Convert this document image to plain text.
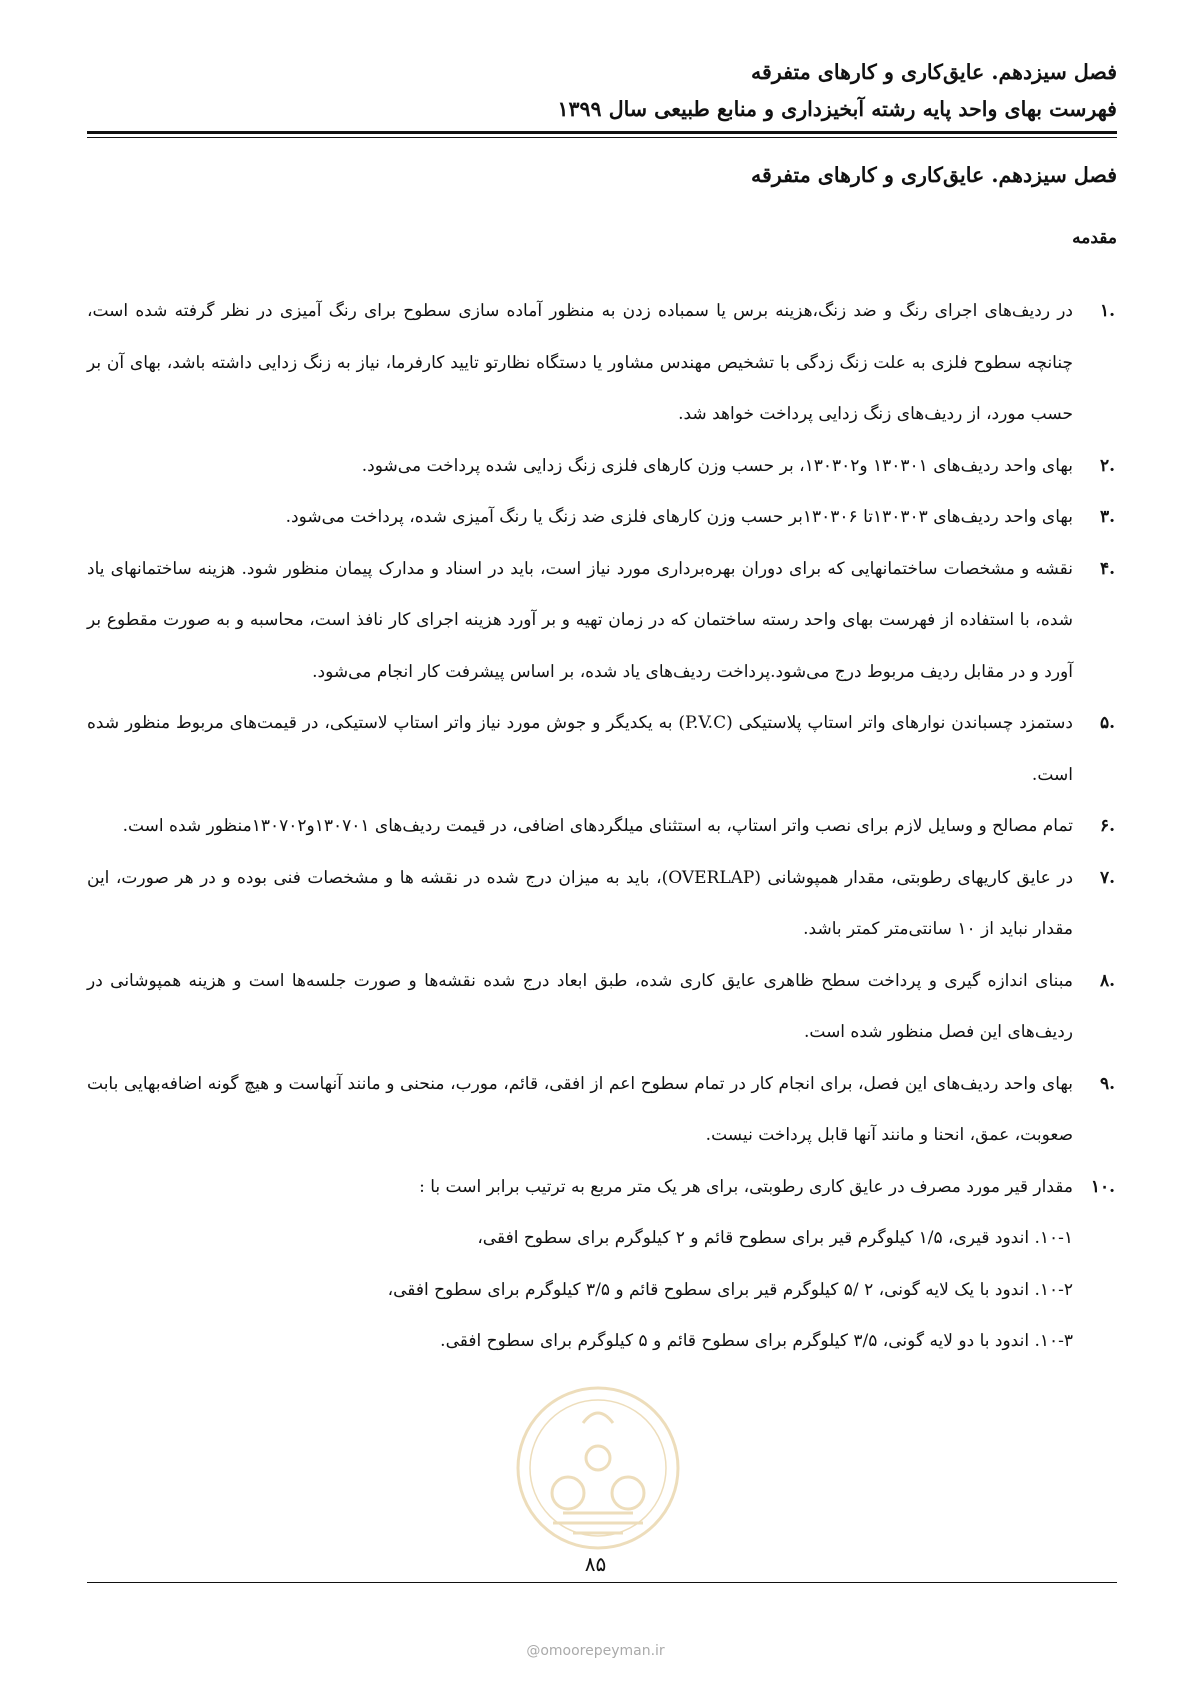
فصل سیزدهم. عایق‌کاری و کارهای متفرقه
فهرست بهای واحد پایه رشته آبخیزداری و منابع طبیعی سال ۱۳۹۹
فصل سیزدهم. عایق‌کاری و کارهای متفرقه
مقدمه
.۱
در ردیف‌های اجرای رنگ و ضد زنگ،هزینه برس یا سمباده زدن به منظور آماده سازی سطوح برای رنگ آمیزی در نظر گرفته شده است، چنانچه سطوح فلزی به علت زنگ زدگی با تشخیص مهندس مشاور یا دستگاه نظارتو تایید کارفرما، نیاز به زنگ زدایی داشته باشد، بهای آن بر حسب مورد، از ردیف‌های زنگ زدایی پرداخت خواهد شد.
.۲
بهای واحد ردیف‌های ۱۳۰۳۰۱ و۱۳۰۳۰۲، بر حسب وزن کارهای فلزی زنگ زدایی شده پرداخت می‌شود.
.۳
بهای واحد ردیف‌های ۱۳۰۳۰۳تا ۱۳۰۳۰۶بر حسب وزن کارهای فلزی ضد زنگ یا رنگ آمیزی شده، پرداخت می‌شود.
.۴
نقشه و مشخصات ساختمانهایی که برای دوران بهره‌برداری مورد نیاز است، باید در اسناد و مدارک پیمان منظور شود. هزینه ساختمانهای یاد شده، با استفاده از فهرست بهای واحد رسته ساختمان که در زمان تهیه و بر آورد هزینه اجرای کار نافذ است، محاسبه و به صورت مقطوع بر آورد و در مقابل ردیف مربوط درج می‌شود.پرداخت ردیف‌های یاد شده، بر اساس پیشرفت کار انجام می‌شود.
.۵
دستمزد چسباندن نوارهای واتر استاپ پلاستیکی (P.V.C) به یکدیگر و جوش مورد نیاز واتر استاپ لاستیکی، در قیمت‌های مربوط منظور شده است.
.۶
تمام مصالح و وسایل لازم برای نصب واتر استاپ، به استثنای میلگردهای اضافی، در قیمت ردیف‌های ۱۳۰۷۰۱و۱۳۰۷۰۲منظور شده است.
.۷
در عایق کاریهای رطوبتی، مقدار همپوشانی (OVERLAP)، باید به میزان درج شده در نقشه ها و مشخصات فنی بوده و در هر صورت، این مقدار نباید از ۱۰ سانتی‌متر کمتر باشد.
.۸
مبنای اندازه گیری و پرداخت سطح ظاهری عایق کاری شده، طبق ابعاد درج شده نقشه‌ها و صورت جلسه‌ها است و هزینه همپوشانی در ردیف‌های این فصل منظور شده است.
.۹
بهای واحد ردیف‌های این فصل، برای انجام کار در تمام سطوح اعم از افقی، قائم، مورب، منحنی و مانند آنهاست و هیچ گونه اضافه‌بهایی بابت صعوبت، عمق، انحنا و مانند آنها قابل پرداخت نیست.
.۱۰
مقدار قیر مورد مصرف در عایق کاری رطوبتی، برای هر یک متر مربع به ترتیب برابر است با :
۱۰-۱. اندود قیری، ۱/۵ کیلوگرم قیر برای سطوح قائم و ۲ کیلوگرم برای سطوح افقی،
۱۰-۲. اندود با یک لایه گونی، ۲ /۵ کیلوگرم قیر برای سطوح قائم و ۳/۵ کیلوگرم برای سطوح افقی،
۱۰-۳. اندود با دو لایه گونی، ۳/۵ کیلوگرم برای سطوح قائم و ۵ کیلوگرم برای سطوح افقی.
۸۵
@omoorepeyman.ir
